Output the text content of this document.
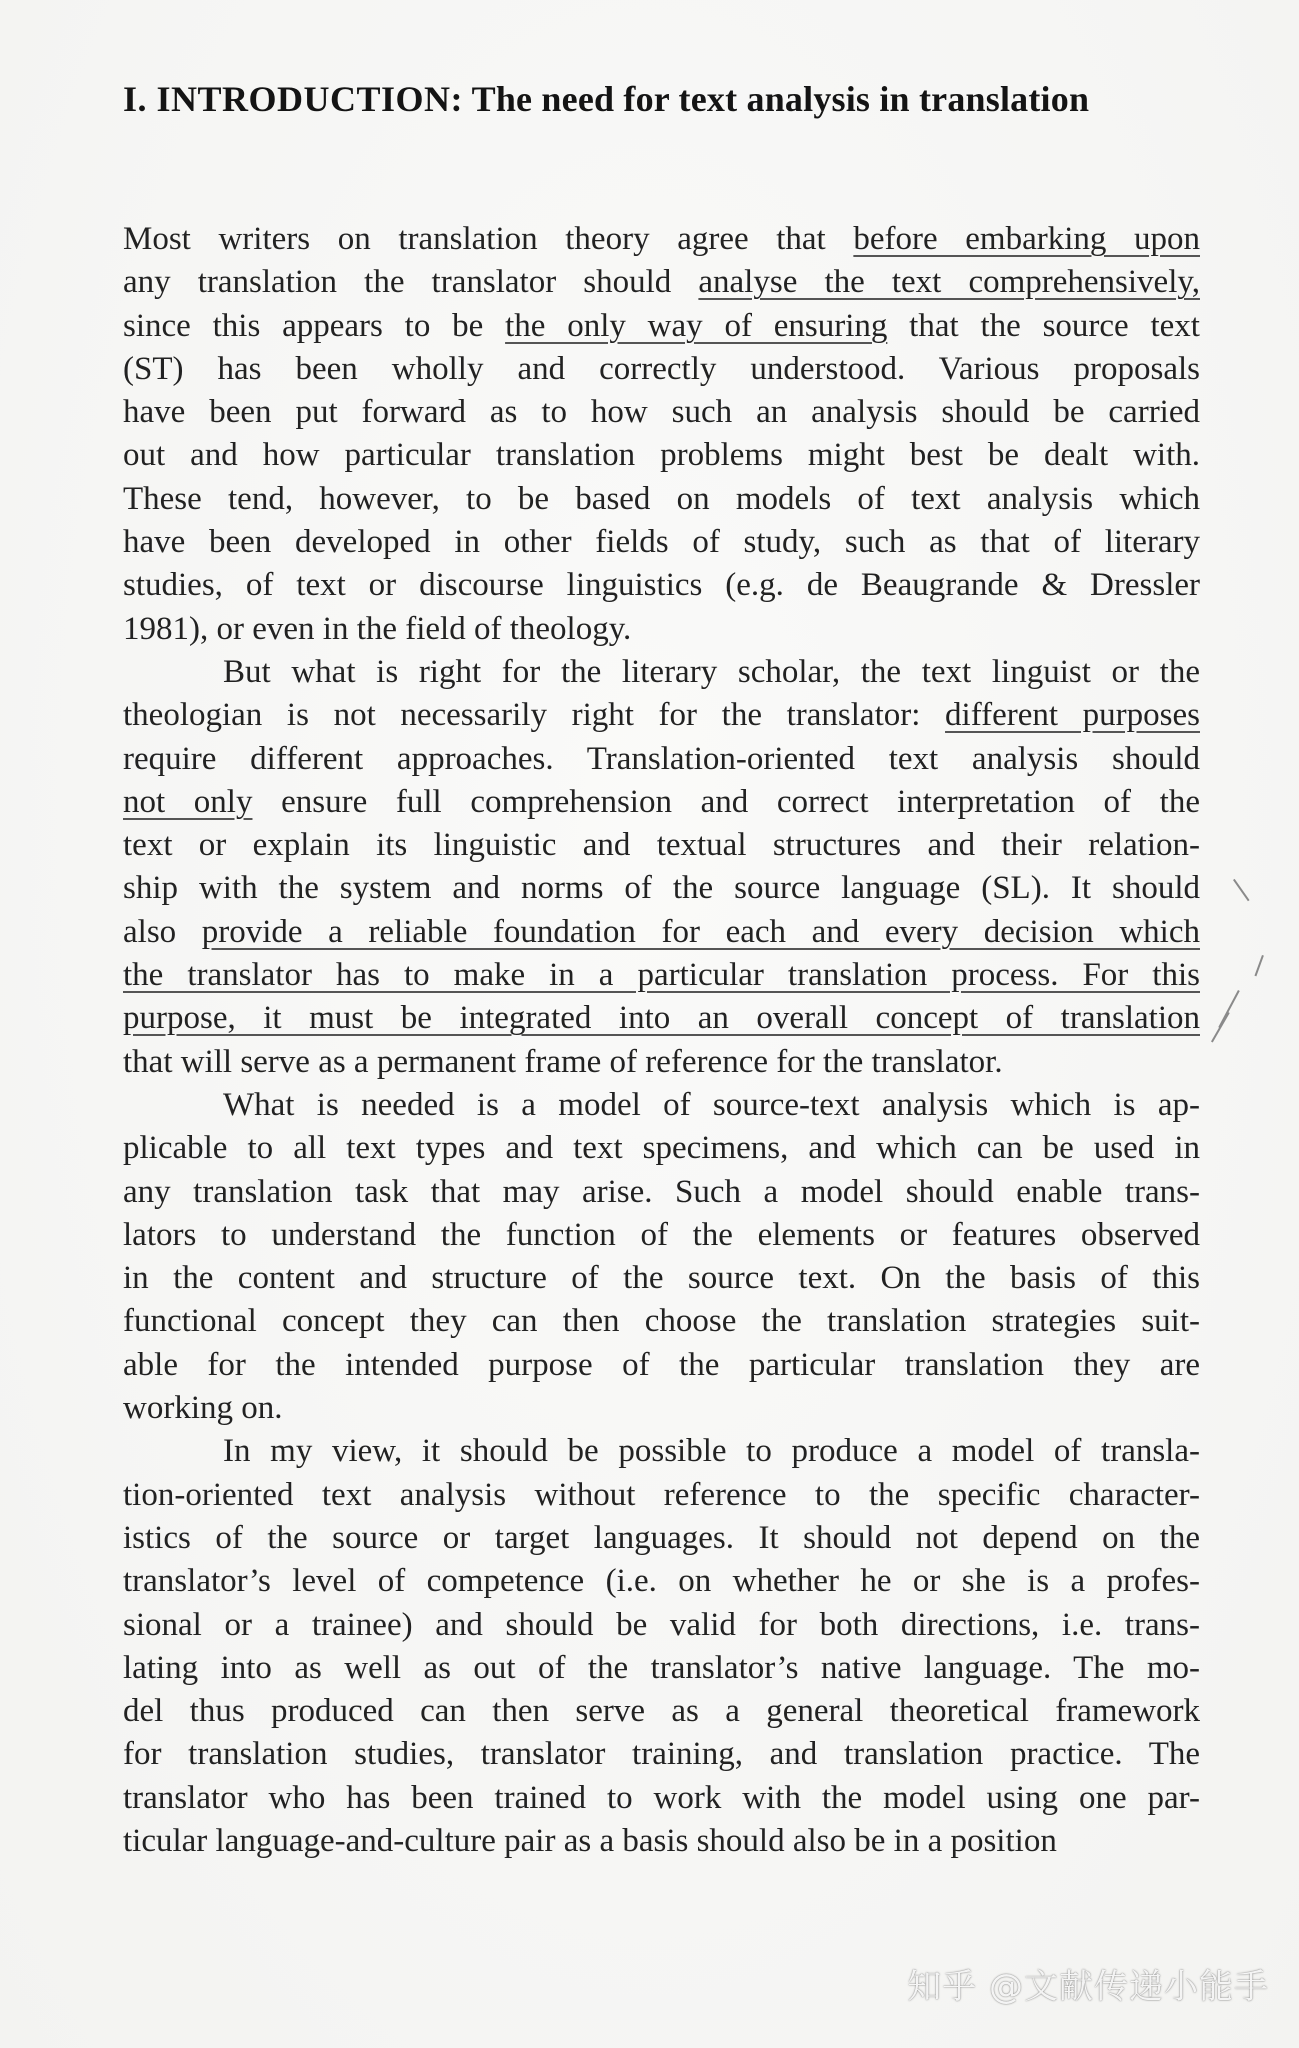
I. INTRODUCTION: The need for text analysis in translation
Most writers on translation theory agree that before embarking upon
any translation the translator should analyse the text comprehensively,
since this appears to be the only way of ensuring that the source text
(ST) has been wholly and correctly understood. Various proposals
have been put forward as to how such an analysis should be carried
out and how particular translation problems might best be dealt with.
These tend, however, to be based on models of text analysis which
have been developed in other fields of study, such as that of literary
studies, of text or discourse linguistics (e.g. de Beaugrande & Dressler
1981), or even in the field of theology.
But what is right for the literary scholar, the text linguist or the
theologian is not necessarily right for the translator: different purposes
require different approaches. Translation-oriented text analysis should
not only ensure full comprehension and correct interpretation of the
text or explain its linguistic and textual structures and their relation-
ship with the system and norms of the source language (SL). It should
also provide a reliable foundation for each and every decision which
the translator has to make in a particular translation process. For this
purpose, it must be integrated into an overall concept of translation
that will serve as a permanent frame of reference for the translator.
What is needed is a model of source-text analysis which is ap-
plicable to all text types and text specimens, and which can be used in
any translation task that may arise. Such a model should enable trans-
lators to understand the function of the elements or features observed
in the content and structure of the source text. On the basis of this
functional concept they can then choose the translation strategies suit-
able for the intended purpose of the particular translation they are
working on.
In my view, it should be possible to produce a model of transla-
tion-oriented text analysis without reference to the specific character-
istics of the source or target languages. It should not depend on the
translator’s level of competence (i.e. on whether he or she is a profes-
sional or a trainee) and should be valid for both directions, i.e. trans-
lating into as well as out of the translator’s native language. The mo-
del thus produced can then serve as a general theoretical framework
for translation studies, translator training, and translation practice. The
translator who has been trained to work with the model using one par-
ticular language-and-culture pair as a basis should also be in a position
知乎 @文献传递小能手
